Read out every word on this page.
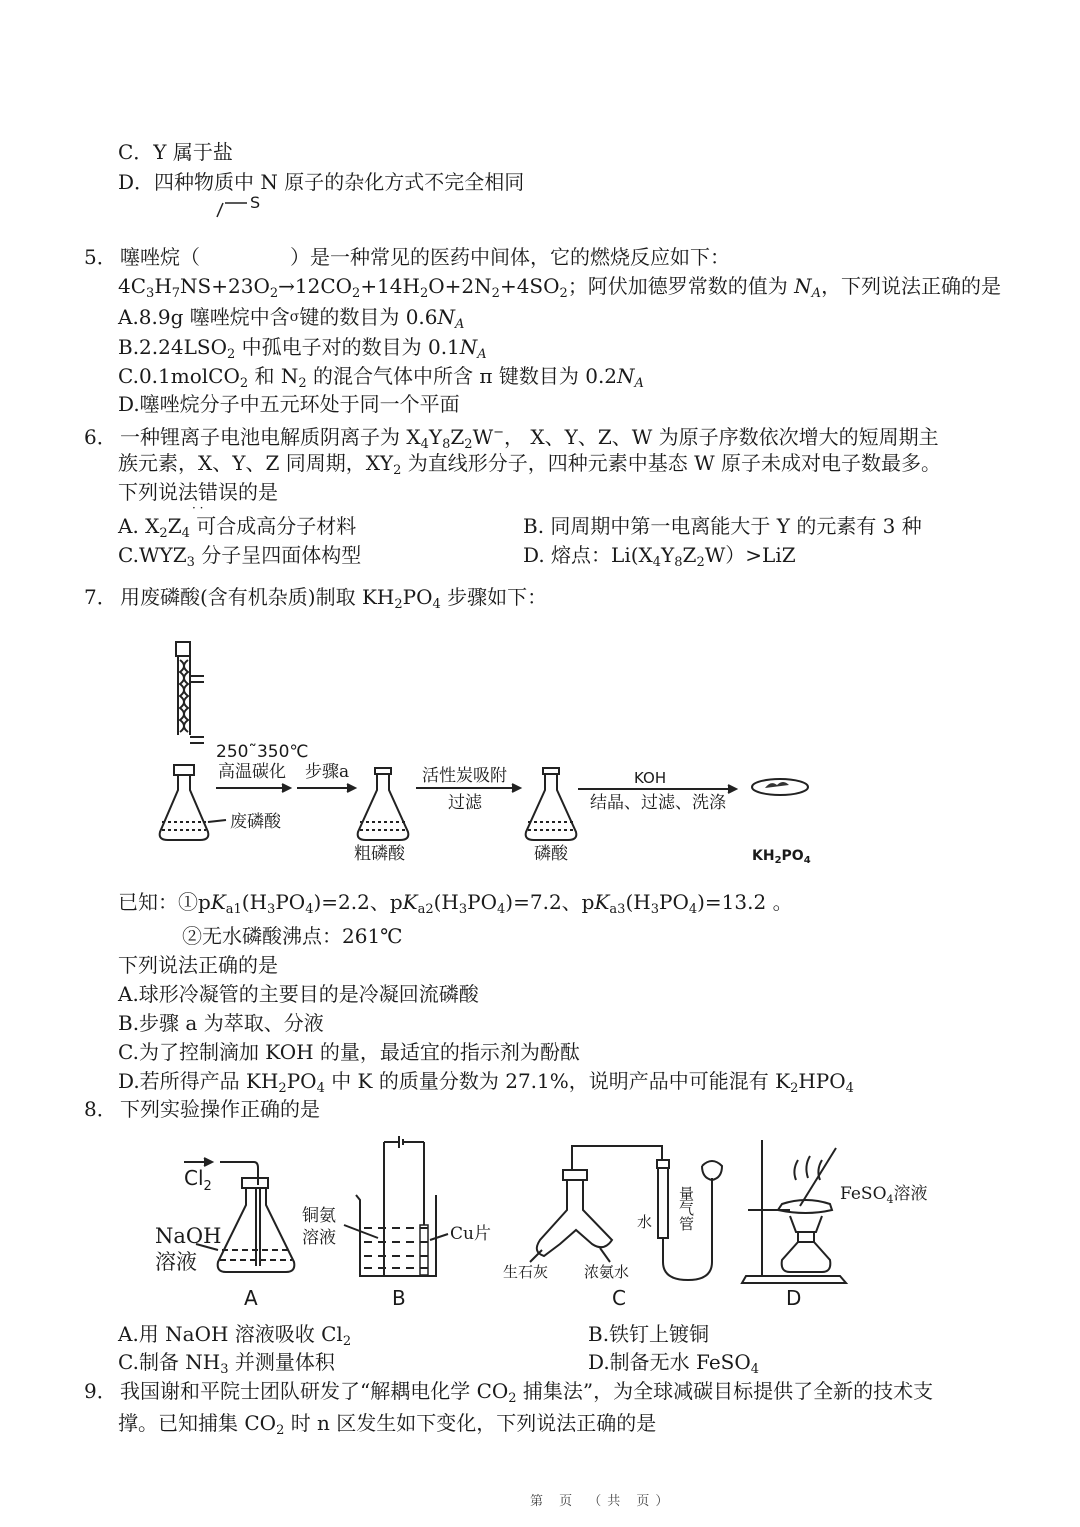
C．Y 属于盐
D．四种物质中 N 原子的杂化方式不完全相同
S
5． 噻唑烷（	）是一种常见的医药中间体，它的燃烧反应如下：
$4C_3H_7NS+23O_2\to 12CO_2+14H_2O+2N_2+4SO_2$；阿伏加德罗常数的值为 $N_A$，下列说法正确的是
A.8.9g 噻唑烷中含σ键的数目为 $0.6N_A$
$B.2.24LSO_2$ 中孤电子对的数目为 $0.1N_A$
C.0.1molCO$_2$ 和 $N_2$ 的混合气体中所含 π 键数目为 $0.2N_A$
D.噻唑烷分子中五元环处于同一个平面
6． 一种锂离子电池电解质阴离子为 $X_4Y_8Z_2W^-$， X、Y、Z、W 为原子序数依次增大的短周期主
族元素，X、Y、Z 同周期，$XY_2$ 为直线形分子，四种元素中基态 W 原子未成对电子数最多。
下列说法错误的是
· ·
A. $X_2Z_4$ 可合成高分子材料	B. 同周期中第一电离能大于 Y 的元素有 3 种
$C.WYZ_3$ 分子呈四面体构型	D. 熔点：$Li(X_4Y_8Z_2W)>LiZ$
7． 用废磷酸(含有机杂质)制取 $KH_2PO_4$ 步骤如下：
250˜350℃
高温碳化 步骤a	活性炭吸附
过滤
KOH
结晶、过滤、洗涤
废磷酸
粗磷酸	磷酸	$KH_2PO_4$
已知：$①pK_{a1}(H_3PO_4)=2.2$、$pK_{a2}(H_3PO_4)=7.2$、$pK_{a3}(H_3PO_4)=13.2$ 。
②无水磷酸沸点：261℃
下列说法正确的是
A.球形冷凝管的主要目的是冷凝回流磷酸
B.步骤 a 为萃取、分液
C.为了控制滴加 KOH 的量，最适宜的指示剂为酚酞
D.若所得产品 $KH_2PO_4$ 中 K 的质量分数为 27.1%，说明产品中可能混有 $K_2HPO_4$
8． 下列实验操作正确的是
$Cl_2$
NaOH
溶液
A
铜氨
溶液	Cu片
B
生石灰 浓氨水
量气管
水
C
FeSO$_4$溶液
D
A.用 NaOH 溶液吸收 $Cl_2$	B.铁钉上镀铜
C.制备 $NH_3$ 并测量体积	D.制备无水 FeSO$_4$
9． 我国谢和平院士团队研发了“解耦电化学 $CO_2$ 捕集法”，为全球减碳目标提供了全新的技术支
撑。已知捕集 $CO_2$ 时 n 区发生如下变化，下列说法正确的是
第 页 （共 页）
